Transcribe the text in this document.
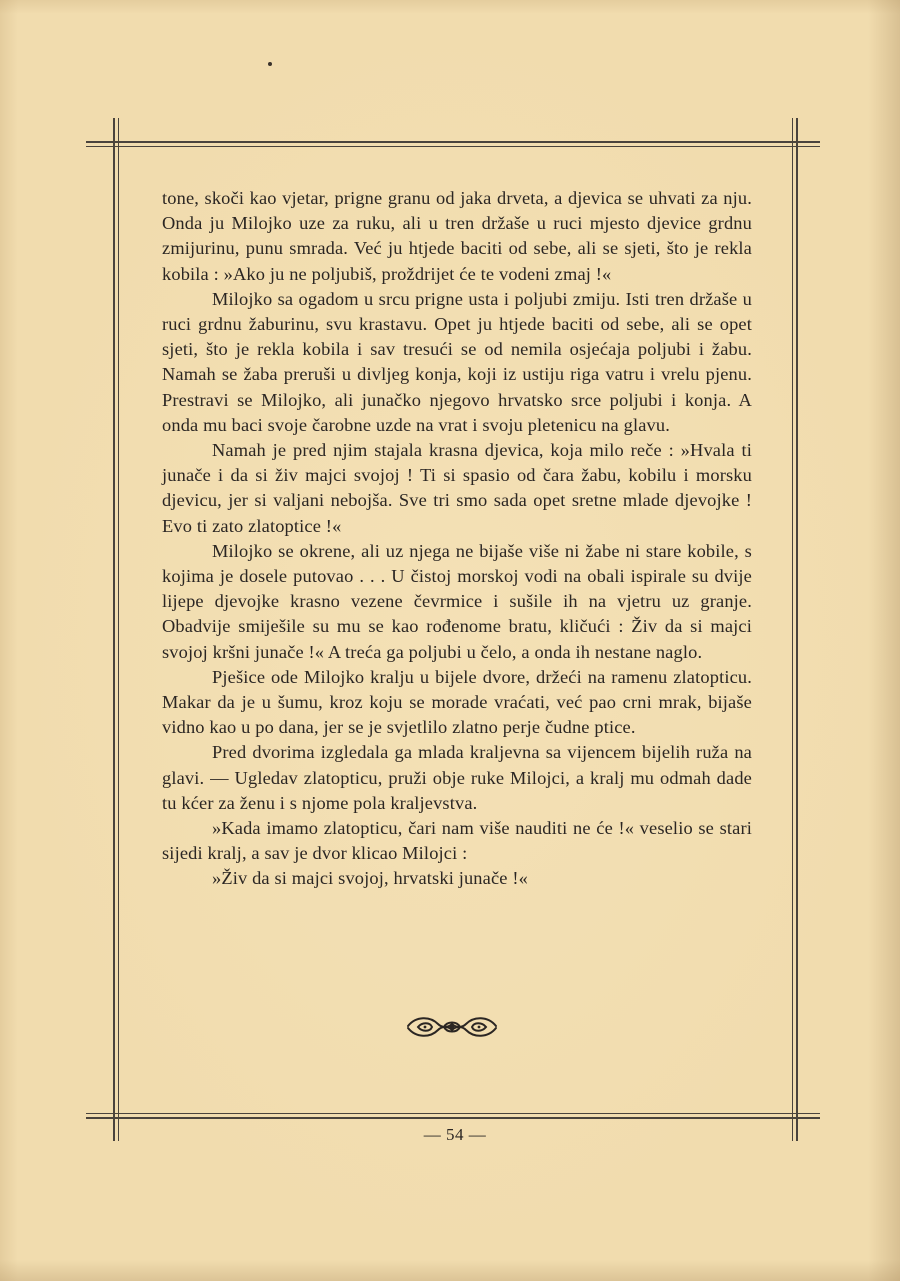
tone, skoči kao vjetar, prigne granu od jaka drveta, a djevica se uhvati za nju. Onda ju Milojko uze za ruku, ali u tren držaše u ruci mjesto djevice grdnu zmijurinu, punu smrada. Već ju htjede baciti od sebe, ali se sjeti, što je rekla kobila : »Ako ju ne poljubiš, proždrijet će te vodeni zmaj !«

Milojko sa ogadom u srcu prigne usta i poljubi zmiju. Isti tren držaše u ruci grdnu žaburinu, svu krastavu. Opet ju htjede baciti od sebe, ali se opet sjeti, što je rekla kobila i sav tresući se od nemila osjećaja poljubi i žabu. Namah se žaba preruši u divljeg konja, koji iz ustiju riga vatru i vrelu pjenu. Prestravi se Milojko, ali junačko njegovo hrvatsko srce poljubi i konja. A onda mu baci svoje čarobne uzde na vrat i svoju pletenicu na glavu.

Namah je pred njim stajala krasna djevica, koja milo reče : »Hvala ti junače i da si živ majci svojoj ! Ti si spasio od čara žabu, kobilu i morsku djevicu, jer si valjani nebojša. Sve tri smo sada opet sretne mlade djevojke ! Evo ti zato zlatoptice !«

Milojko se okrene, ali uz njega ne bijaše više ni žabe ni stare kobile, s kojima je dosele putovao . . . U čistoj morskoj vodi na obali ispirale su dvije lijepe djevojke krasno vezene čevrmice i sušile ih na vjetru uz granje. Obadvije smiješile su mu se kao rođenome bratu, kličući : Živ da si majci svojoj kršni junače !« A treća ga poljubi u čelo, a onda ih nestane naglo.

Pješice ode Milojko kralju u bijele dvore, držeći na ramenu zlatopticu. Makar da je u šumu, kroz koju se morade vraćati, već pao crni mrak, bijaše vidno kao u po dana, jer se je svjetlilo zlatno perje čudne ptice.

Pred dvorima izgledala ga mlada kraljevna sa vijencem bijelih ruža na glavi. — Ugledav zlatopticu, pruži obje ruke Milojci, a kralj mu odmah dade tu kćer za ženu i s njome pola kraljevstva.

»Kada imamo zlatopticu, čari nam više nauditi ne će !« veselio se stari sijedi kralj, a sav je dvor klicao Milojci :

»Živ da si majci svojoj, hrvatski junače !«

— 54 —
